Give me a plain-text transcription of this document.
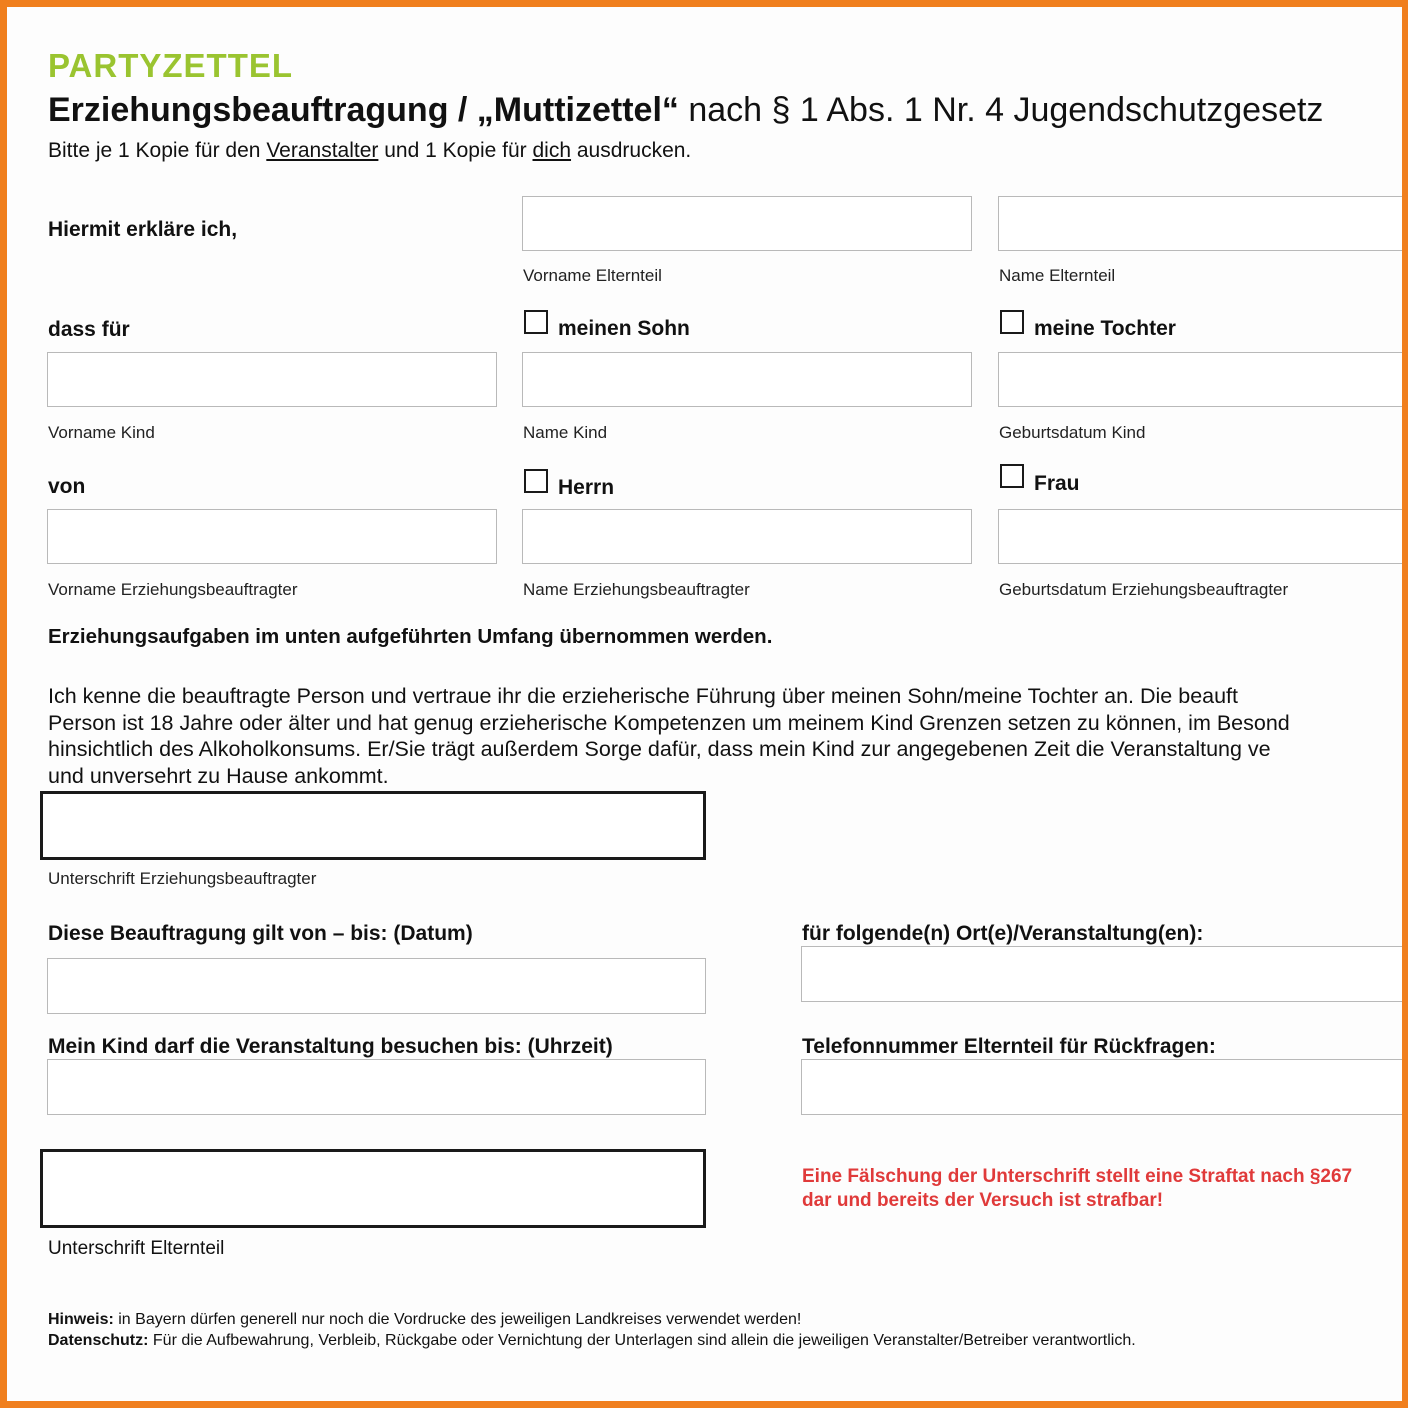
PARTYZETTEL
Erziehungsbeauftragung / „Muttizettel“ nach § 1 Abs. 1 Nr. 4 Jugendschutzgesetz
Bitte je 1 Kopie für den Veranstalter und 1 Kopie für dich ausdrucken.
Hiermit erkläre ich,
Vorname Elternteil	Name Elternteil
dass für	meinen Sohn	meine Tochter
Vorname Kind	Name Kind	Geburtsdatum Kind
von	Herrn	Frau
Vorname Erziehungsbeauftragter	Name Erziehungsbeauftragter	Geburtsdatum Erziehungsbeauftragter
Erziehungsaufgaben im unten aufgeführten Umfang übernommen werden.
Ich kenne die beauftragte Person und vertraue ihr die erzieherische Führung über meinen Sohn/meine Tochter an. Die beauft
Person ist 18 Jahre oder älter und hat genug erzieherische Kompetenzen um meinem Kind Grenzen setzen zu können, im Besond
hinsichtlich des Alkoholkonsums. Er/Sie trägt außerdem Sorge dafür, dass mein Kind zur angegebenen Zeit die Veranstaltung ve
und unversehrt zu Hause ankommt.
Unterschrift Erziehungsbeauftragter
Diese Beauftragung gilt von – bis: (Datum)	für folgende(n) Ort(e)/Veranstaltung(en):
Mein Kind darf die Veranstaltung besuchen bis: (Uhrzeit)	Telefonnummer Elternteil für Rückfragen:
Unterschrift Elternteil
Eine Fälschung der Unterschrift stellt eine Straftat nach §267
dar und bereits der Versuch ist strafbar!
Hinweis: in Bayern dürfen generell nur noch die Vordrucke des jeweiligen Landkreises verwendet werden!
Datenschutz: Für die Aufbewahrung, Verbleib, Rückgabe oder Vernichtung der Unterlagen sind allein die jeweiligen Veranstalter/Betreiber verantwortlich.
